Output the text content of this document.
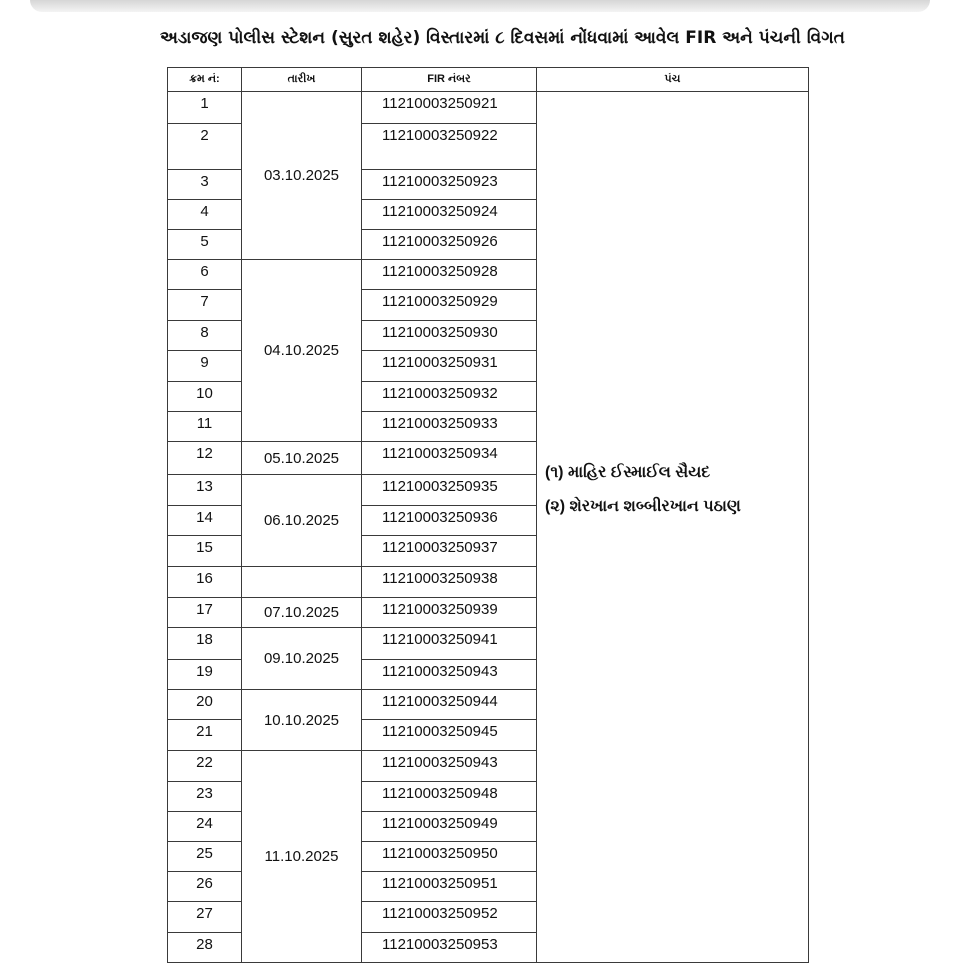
અડાજણ પોલીસ સ્ટેશન (સુરત શહેર) વિસ્તારમાં ૮ દિવસમાં નોંધવામાં આવેલ FIR અને પંચની વિગત
ક્રમ નં:	તારીખ	FIR નંબર	પંચ
1	03.10.2025	11210003250921	(૧) માહિર ઈસ્માઈલ સૈયદ
(૨) શેરખાન શબ્બીરખાન પઠાણ

2		11210003250922	
3		11210003250923	
4		11210003250924	
5		11210003250926	
6	04.10.2025	11210003250928	
7		11210003250929	
8		11210003250930	
9		11210003250931	
10		11210003250932	
11		11210003250933	
12	05.10.2025	11210003250934	
13	06.10.2025	11210003250935	
14		11210003250936	
15		11210003250937	
16		11210003250938	
17	07.10.2025	11210003250939	
18	09.10.2025	11210003250941	
19		11210003250943	
20	10.10.2025	11210003250944	
21		11210003250945	
22	11.10.2025	11210003250943	
23		11210003250948	
24		11210003250949	
25		11210003250950	
26		11210003250951	
27		11210003250952	
28		11210003250953	
